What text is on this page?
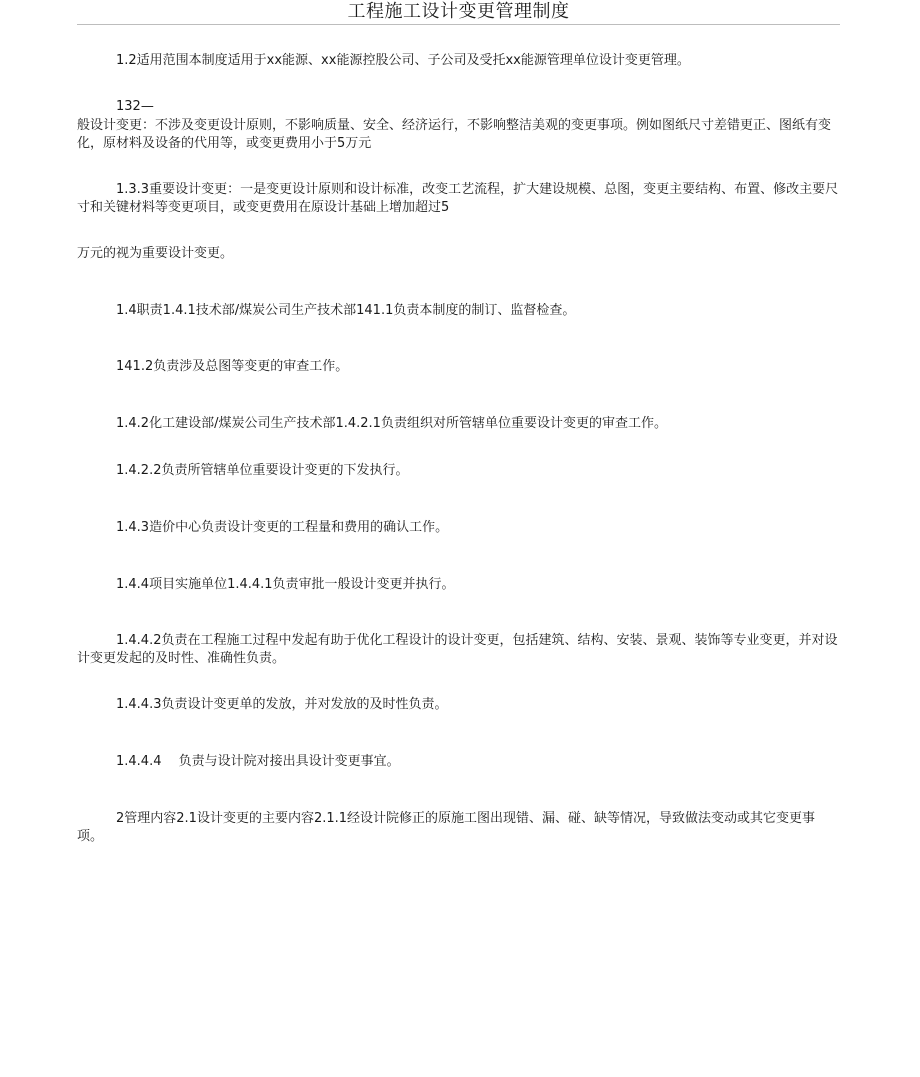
工程施工设计变更管理制度
　　　1.2适用范围本制度适用于xx能源、xx能源控股公司、子公司及受托xx能源管理单位设计变更管理。
　　　132—
般设计变更：不涉及变更设计原则，不影响质量、安全、经济运行，不影响整洁美观的变更事项。例如图纸尺寸差错更正、图纸有变化，原材料及设备的代用等，或变更费用小于5万元
　　　1.3.3重要设计变更：一是变更设计原则和设计标准，改变工艺流程，扩大建设规模、总图，变更主要结构、布置、修改主要尺寸和关键材料等变更项目，或变更费用在原设计基础上增加超过5
万元的视为重要设计变更。
　　　1.4职责1.4.1技术部/煤炭公司生产技术部141.1负责本制度的制订、监督检查。
　　　141.2负责涉及总图等变更的审查工作。
　　　1.4.2化工建设部/煤炭公司生产技术部1.4.2.1负责组织对所管辖单位重要设计变更的审查工作。
　　　1.4.2.2负责所管辖单位重要设计变更的下发执行。
　　　1.4.3造价中心负责设计变更的工程量和费用的确认工作。
　　　1.4.4项目实施单位1.4.4.1负责审批一般设计变更并执行。
　　　1.4.4.2负责在工程施工过程中发起有助于优化工程设计的设计变更，包括建筑、结构、安装、景观、装饰等专业变更，并对设计变更发起的及时性、准确性负责。
　　　1.4.4.3负责设计变更单的发放，并对发放的及时性负责。
　　　1.4.4.4　 负责与设计院对接出具设计变更事宜。
　　　2管理内容2.1设计变更的主要内容2.1.1经设计院修正的原施工图出现错、漏、碰、缺等情况，导致做法变动或其它变更事项。
